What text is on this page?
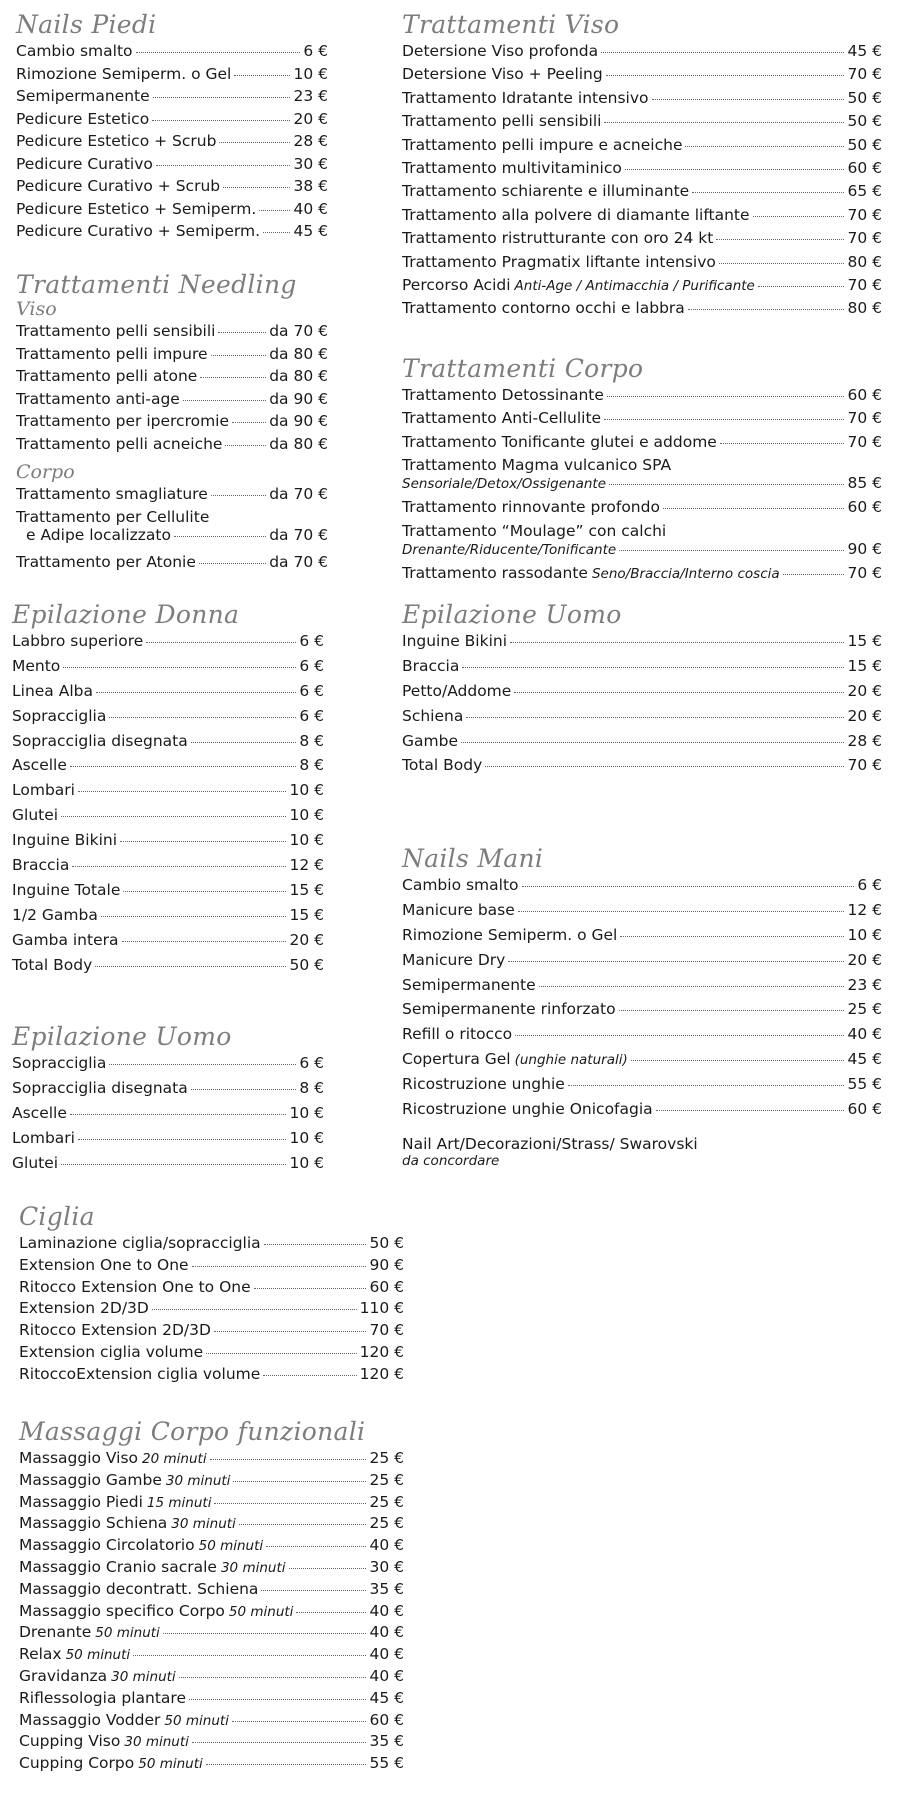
Nails Piedi
Cambio smalto	6 €
Rimozione Semiperm. o Gel	10 €
Semipermanente	23 €
Pedicure Estetico	20 €
Pedicure Estetico + Scrub	28 €
Pedicure Curativo	30 €
Pedicure Curativo + Scrub	38 €
Pedicure Estetico + Semiperm. 40 €
Pedicure Curativo + Semiperm. 45 €
Trattamenti Needling
Viso
Trattamento pelli sensibili	da 70 €
Trattamento pelli impure	da 80 €
Trattamento pelli atone	da 80 €
Trattamento anti-age	da 90 €
Trattamento per ipercromie	da 90 €
Trattamento pelli acneiche	da 80 €
Corpo
Trattamento smagliature	da 70 €
Trattamento per Cellulite
e Adipe localizzato	da 70 €
Trattamento per Atonie	da 70 €
Epilazione Donna
Labbro superiore	6 €
Mento	6 €
Linea Alba	6 €
Sopracciglia	6 €
Sopracciglia disegnata	8 €
Ascelle	8 €
Lombari	10 €
Glutei	10 €
Inguine Bikini	10 €
Braccia	12 €
Inguine Totale	15 €
1/2 Gamba	15 €
Gamba intera	20 €
Total Body	50 €
Epilazione Uomo
Sopracciglia	6 €
Sopracciglia disegnata	8 €
Ascelle	10 €
Lombari	10 €
Glutei	10 €
Ciglia
Laminazione ciglia/sopracciglia	50 €
Extension One to One	90 €
Ritocco Extension One to One	60 €
Extension 2D/3D	110 €
Ritocco Extension 2D/3D	70 €
Extension ciglia volume	120 €
RitoccoExtension ciglia volume	120 €
Massaggi Corpo funzionali
Massaggio Viso 20 minuti	25 €
Massaggio Gambe 30 minuti	25 €
Massaggio Piedi 15 minuti	25 €
Massaggio Schiena 30 minuti	25 €
Massaggio Circolatorio 50 minuti	40 €
Massaggio Cranio sacrale 30 minuti	30 €
Massaggio decontratt. Schiena	35 €
Massaggio specifico Corpo 50 minuti	40 €
Drenante 50 minuti	40 €
Relax 50 minuti	40 €
Gravidanza 30 minuti	40 €
Riflessologia plantare	45 €
Massaggio Vodder 50 minuti	60 €
Cupping Viso 30 minuti	35 €
Cupping Corpo 50 minuti	55 €
Trattamenti Viso
Detersione Viso profonda	45 €
Detersione Viso + Peeling	70 €
Trattamento Idratante intensivo	50 €
Trattamento pelli sensibili	50 €
Trattamento pelli impure e acneiche	50 €
Trattamento multivitaminico	60 €
Trattamento schiarente e illuminante	65 €
Trattamento alla polvere di diamante liftante	70 €
Trattamento ristrutturante con oro 24 kt	70 €
Trattamento Pragmatix liftante intensivo	80 €
Percorso Acidi Anti-Age / Antimacchia / Purificante	70 €
Trattamento contorno occhi e labbra	80 €
Trattamenti Corpo
Trattamento Detossinante	60 €
Trattamento Anti-Cellulite	70 €
Trattamento Tonificante glutei e addome	70 €
Trattamento Magma vulcanico SPA
Sensoriale/Detox/Ossigenante	85 €
Trattamento rinnovante profondo	60 €
Trattamento “Moulage” con calchi
Drenante/Riducente/Tonificante	90 €
Trattamento rassodante Seno/Braccia/Interno coscia	70 €
Epilazione Uomo
Inguine Bikini	15 €
Braccia	15 €
Petto/Addome	20 €
Schiena	20 €
Gambe	28 €
Total Body	70 €
Nails Mani
Cambio smalto	6 €
Manicure base	12 €
Rimozione Semiperm. o Gel	10 €
Manicure Dry	20 €
Semipermanente	23 €
Semipermanente rinforzato	25 €
Refill o ritocco	40 €
Copertura Gel (unghie naturali)	45 €
Ricostruzione unghie	55 €
Ricostruzione unghie Onicofagia	60 €
Nail Art/Decorazioni/Strass/ Swarovski
da concordare
